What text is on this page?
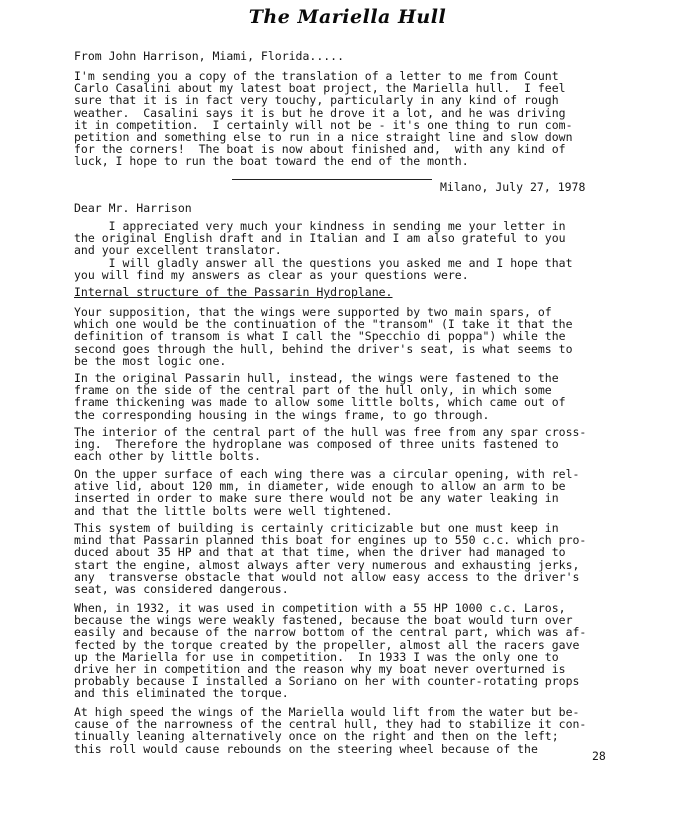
The Mariella Hull
From John Harrison, Miami, Florida.....
I'm sending you a copy of the translation of a letter to me from Count
Carlo Casalini about my latest boat project, the Mariella hull.  I feel
sure that it is in fact very touchy, particularly in any kind of rough
weather.  Casalini says it is but he drove it a lot, and he was driving
it in competition.  I certainly will not be - it's one thing to run com-
petition and something else to run in a nice straight line and slow down
for the corners!  The boat is now about finished and,  with any kind of
luck, I hope to run the boat toward the end of the month.
Milano, July 27, 1978
Dear Mr. Harrison
I appreciated very much your kindness in sending me your letter in
the original English draft and in Italian and I am also grateful to you
and your excellent translator.
I will gladly answer all the questions you asked me and I hope that
you will find my answers as clear as your questions were.
Internal structure of the Passarin Hydroplane.
Your supposition, that the wings were supported by two main spars, of
which one would be the continuation of the "transom" (I take it that the
definition of transom is what I call the "Specchio di poppa") while the
second goes through the hull, behind the driver's seat, is what seems to
be the most logic one.
In the original Passarin hull, instead, the wings were fastened to the
frame on the side of the central part of the hull only, in which some
frame thickening was made to allow some little bolts, which came out of
the corresponding housing in the wings frame, to go through.
The interior of the central part of the hull was free from any spar cross-
ing.  Therefore the hydroplane was composed of three units fastened to
each other by little bolts.
On the upper surface of each wing there was a circular opening, with rel-
ative lid, about 120 mm, in diameter, wide enough to allow an arm to be
inserted in order to make sure there would not be any water leaking in
and that the little bolts were well tightened.
This system of building is certainly criticizable but one must keep in
mind that Passarin planned this boat for engines up to 550 c.c. which pro-
duced about 35 HP and that at that time, when the driver had managed to
start the engine, almost always after very numerous and exhausting jerks,
any  transverse obstacle that would not allow easy access to the driver's
seat, was considered dangerous.
When, in 1932, it was used in competition with a 55 HP 1000 c.c. Laros,
because the wings were weakly fastened, because the boat would turn over
easily and because of the narrow bottom of the central part, which was af-
fected by the torque created by the propeller, almost all the racers gave
up the Mariella for use in competition.  In 1933 I was the only one to
drive her in competition and the reason why my boat never overturned is
probably because I installed a Soriano on her with counter-rotating props
and this eliminated the torque.
At high speed the wings of the Mariella would lift from the water but be-
cause of the narrowness of the central hull, they had to stabilize it con-
tinually leaning alternatively once on the right and then on the left;
this roll would cause rebounds on the steering wheel because of the
28
